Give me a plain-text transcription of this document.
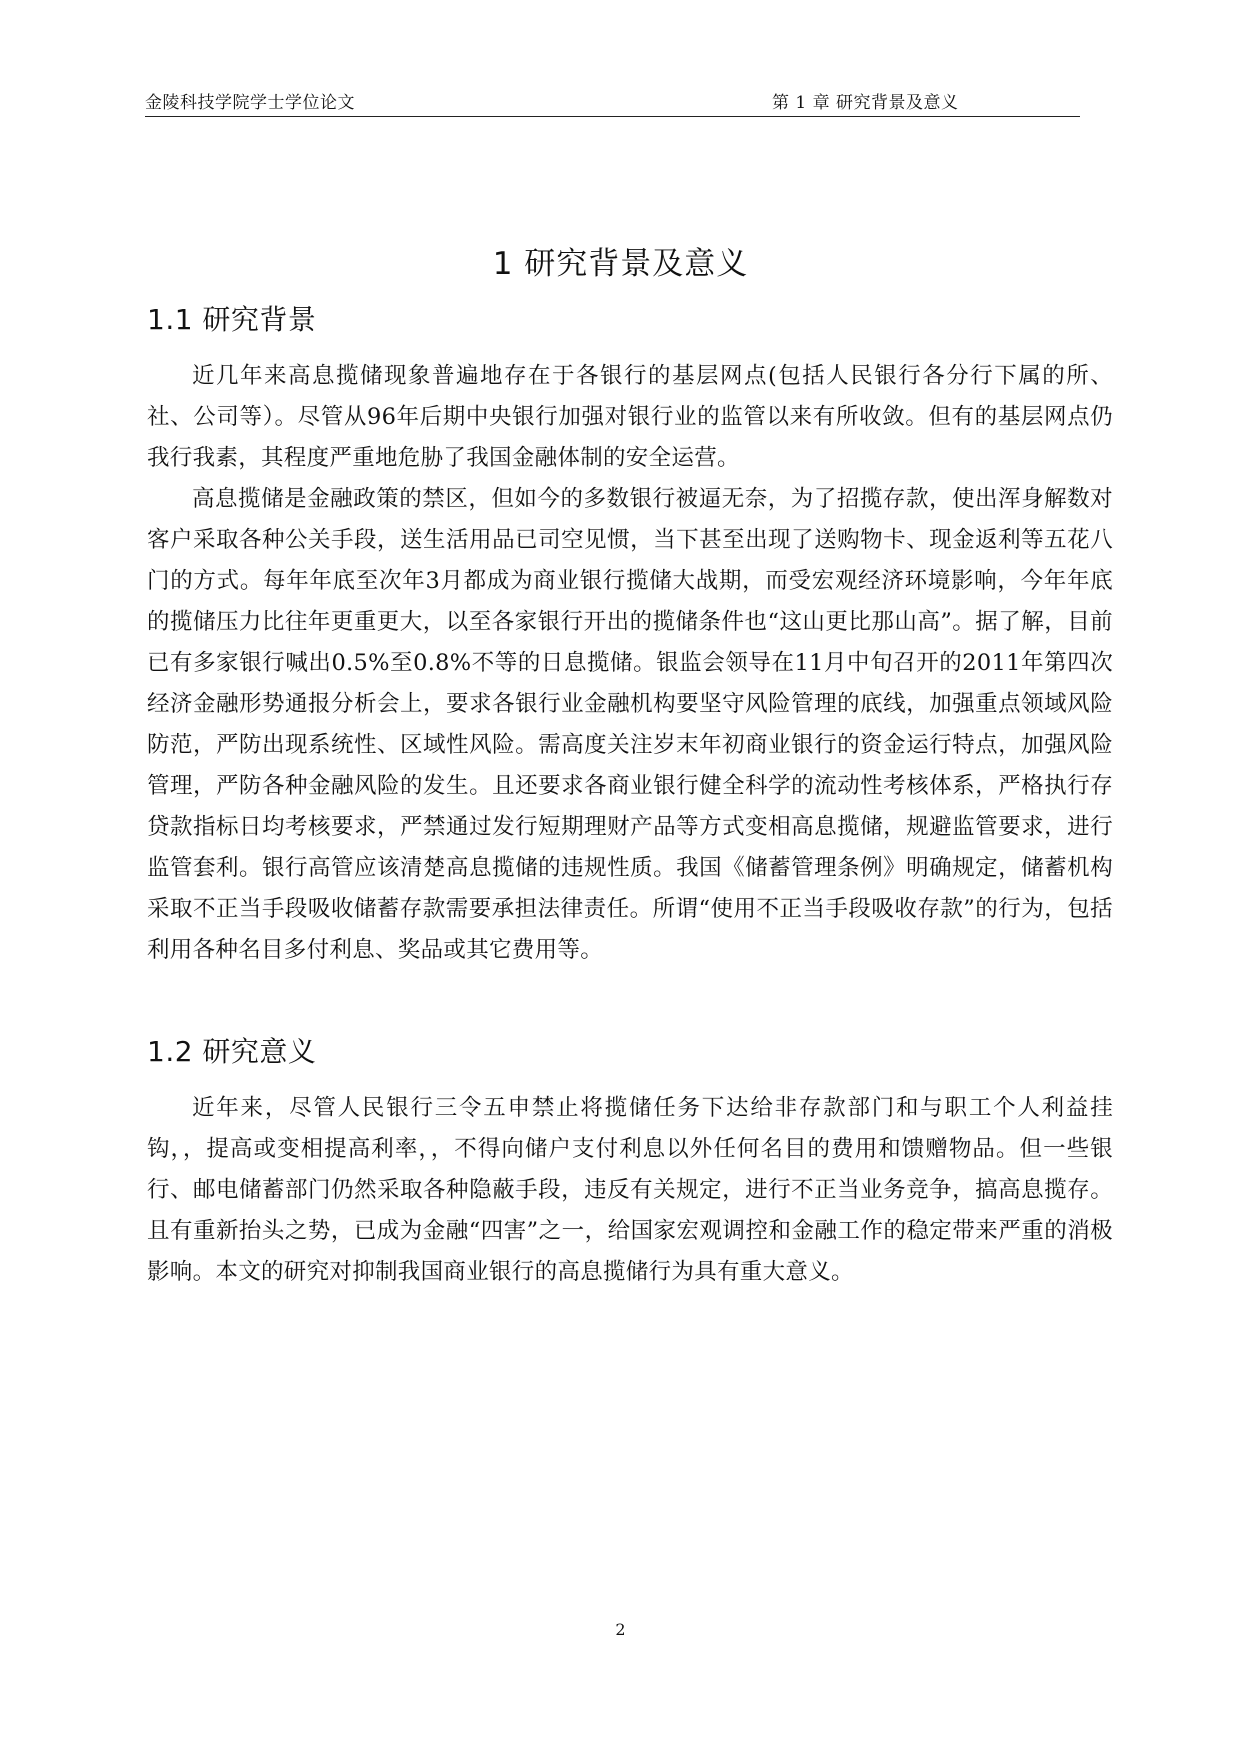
金陵科技学院学士学位论文	第 1 章 研究背景及意义
1 研究背景及意义
1.1 研究背景

近几年来高息揽储现象普遍地存在于各银行的基层网点(包括人民银行各分行下属的所、社、公司等）。尽管从96年后期中央银行加强对银行业的监管以来有所收敛。但有的基层网点仍我行我素，其程度严重地危胁了我国金融体制的安全运营。

高息揽储是金融政策的禁区，但如今的多数银行被逼无奈，为了招揽存款，使出浑身解数对客户采取各种公关手段，送生活用品已司空见惯，当下甚至出现了送购物卡、现金返利等五花八门的方式。每年年底至次年3月都成为商业银行揽储大战期，而受宏观经济环境影响，今年年底的揽储压力比往年更重更大，以至各家银行开出的揽储条件也“这山更比那山高”。据了解，目前已有多家银行喊出0.5%至0.8%不等的日息揽储。银监会领导在11月中旬召开的2011年第四次经济金融形势通报分析会上，要求各银行业金融机构要坚守风险管理的底线，加强重点领域风险防范，严防出现系统性、区域性风险。需高度关注岁末年初商业银行的资金运行特点，加强风险管理，严防各种金融风险的发生。且还要求各商业银行健全科学的流动性考核体系，严格执行存贷款指标日均考核要求，严禁通过发行短期理财产品等方式变相高息揽储，规避监管要求，进行监管套利。银行高管应该清楚高息揽储的违规性质。我国《储蓄管理条例》明确规定，储蓄机构采取不正当手段吸收储蓄存款需要承担法律责任。所谓“使用不正当手段吸收存款”的行为，包括利用各种名目多付利息、奖品或其它费用等。

1.2 研究意义

近年来，尽管人民银行三令五申禁止将揽储任务下达给非存款部门和与职工个人利益挂钩，，提高或变相提高利率，，不得向储户支付利息以外任何名目的费用和馈赠物品。但一些银行、邮电储蓄部门仍然采取各种隐蔽手段，违反有关规定，进行不正当业务竞争，搞高息揽存。且有重新抬头之势，已成为金融“四害”之一，给国家宏观调控和金融工作的稳定带来严重的消极影响。本文的研究对抑制我国商业银行的高息揽储行为具有重大意义。

2
